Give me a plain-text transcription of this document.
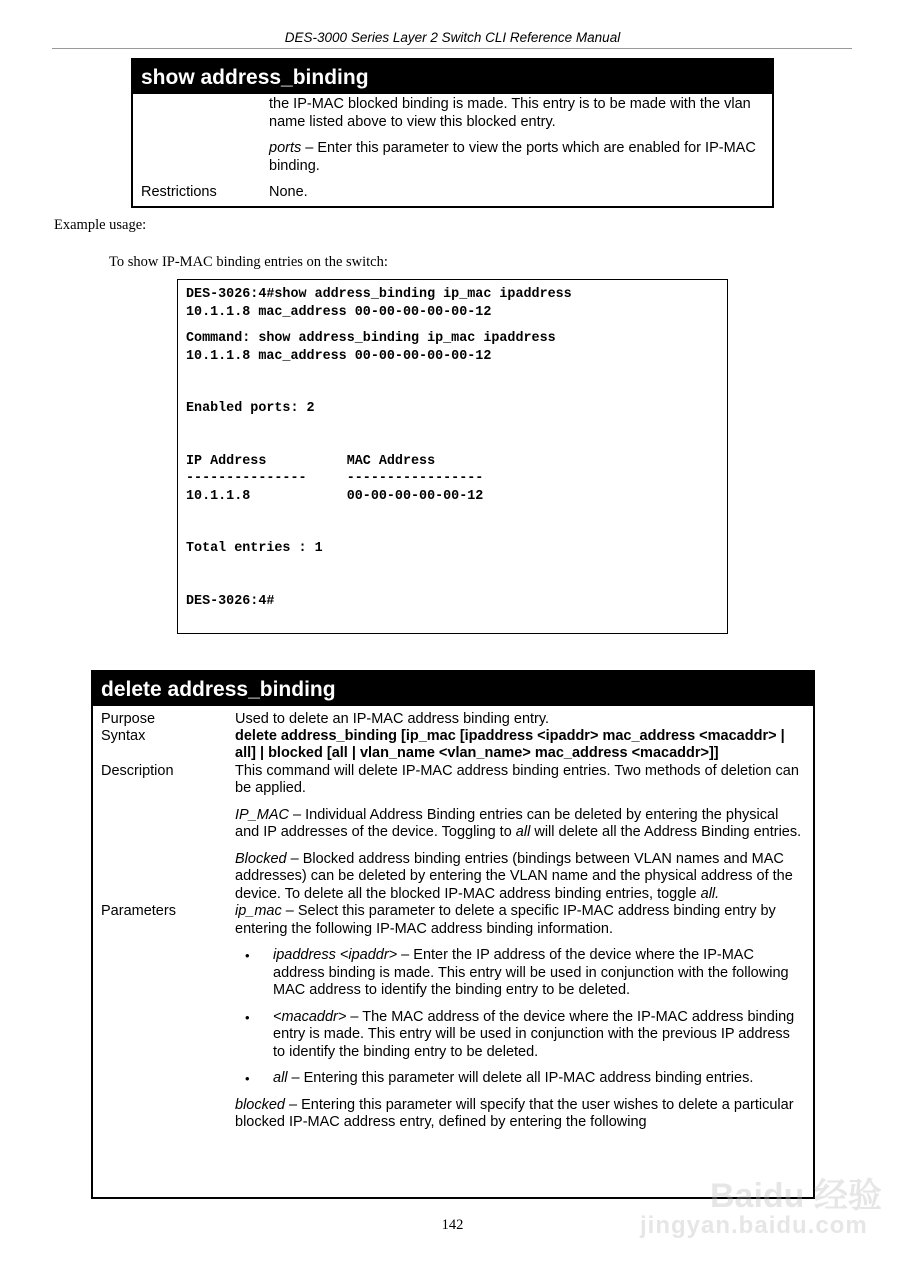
DES-3000 Series Layer 2 Switch CLI Reference Manual
show address_binding

the IP-MAC blocked binding is made. This entry is to be made with the vlan name listed above to view this blocked entry.

ports – Enter this parameter to view the ports which are enabled for IP-MAC binding.

Restrictions	None.
Example usage:
To show IP-MAC binding entries on the switch:
DES-3026:4#show address_binding ip_mac ipaddress
10.1.1.8 mac_address 00-00-00-00-00-12
Command: show address_binding ip_mac ipaddress
10.1.1.8 mac_address 00-00-00-00-00-12
Enabled ports: 2
IP Address          MAC Address
---------------     -----------------
10.1.1.8            00-00-00-00-00-12
Total entries : 1
DES-3026:4#
delete address_binding
Purpose	Used to delete an IP-MAC address binding entry.

Syntax	delete address_binding [ip_mac [ipaddress <ipaddr> mac_address <macaddr> | all] | blocked [all | vlan_name <vlan_name> mac_address <macaddr>]]

Description	This command will delete IP-MAC address binding entries. Two methods of deletion can be applied.

IP_MAC – Individual Address Binding entries can be deleted by entering the physical and IP addresses of the device. Toggling to all will delete all the Address Binding entries.

Blocked – Blocked address binding entries (bindings between VLAN names and MAC addresses) can be deleted by entering the VLAN name and the physical address of the device. To delete all the blocked IP-MAC address binding entries, toggle all.

Parameters	ip_mac – Select this parameter to delete a specific IP-MAC address binding entry by entering the following IP-MAC address binding information.

• ipaddress <ipaddr> – Enter the IP address of the device where the IP-MAC address binding is made. This entry will be used in conjunction with the following MAC address to identify the binding entry to be deleted.
• <macaddr> – The MAC address of the device where the IP-MAC address binding entry is made. This entry will be used in conjunction with the previous IP address to identify the binding entry to be deleted.
• all – Entering this parameter will delete all IP-MAC address binding entries.

blocked – Entering this parameter will specify that the user wishes to delete a particular blocked IP-MAC address entry, defined by entering the following

142
Baidu 经验
jingyan.baidu.com
